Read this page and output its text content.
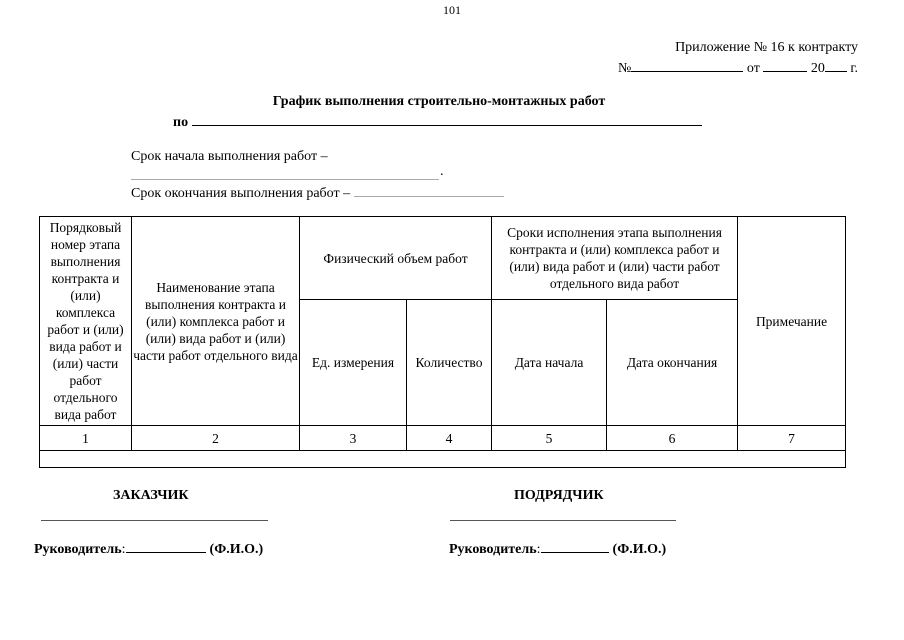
101
Приложение № 16 к контракту
№	от	20 г.
График выполнения строительно-монтажных работ
по
Срок начала выполнения работ –
.
Срок окончания выполнения работ –
Порядковый номер этапа выполнения контракта и (или) комплекса работ и (или) вида работ и (или) части работ отдельного вида работ	Наименование этапа выполнения контракта и (или) комплекса работ и (или) вида работ и (или) части работ отдельного вида	Физический объем работ		Сроки исполнения этапа выполнения контракта и (или) комплекса работ и (или) вида работ и (или) части работ отдельного вида работ		Примечание
		Ед. измерения	Количество	Дата начала	Дата окончания	
1	2	3	4	5	6	7

ЗАКАЗЧИК	ПОДРЯДЧИК
Руководитель:	(Ф.И.О.)	Руководитель:	(Ф.И.О.)
